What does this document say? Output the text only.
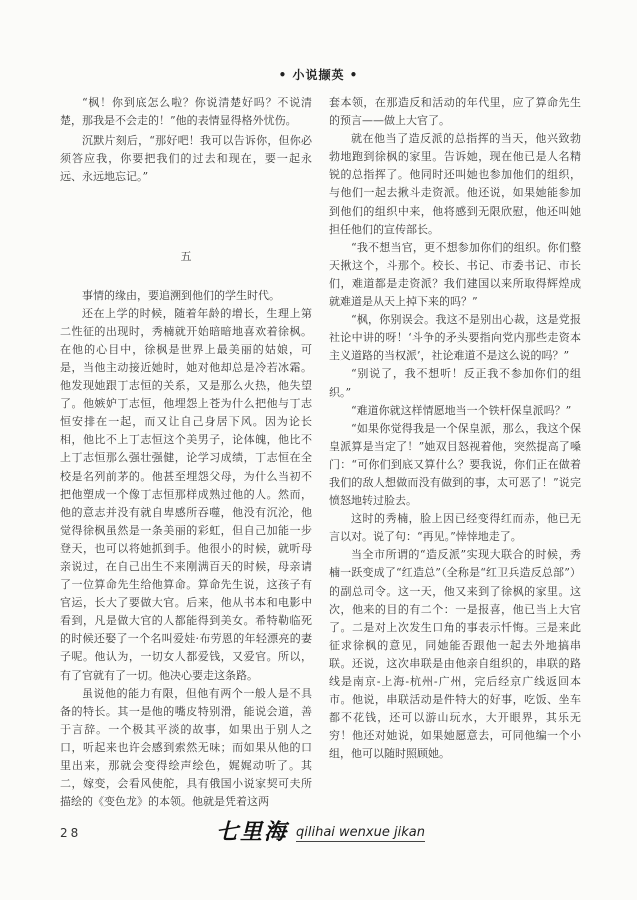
• 小说撷英 •

“枫！你到底怎么啦？你说清楚好吗？不说清楚，那我是不会走的！”他的表情显得格外忧伤。

沉默片刻后，“那好吧！我可以告诉你，但你必须答应我，你要把我们的过去和现在，要一起永远、永远地忘记。”

五

事情的缘由，要追溯到他们的学生时代。

还在上学的时候，随着年龄的增长，生理上第二性征的出现时，秀楠就开始暗暗地喜欢着徐枫。在他的心目中，徐枫是世界上最美丽的姑娘，可是，当他主动接近她时，她对他却总是冷若冰霜。他发现她跟丁志恒的关系，又是那么火热，他失望了。他嫉妒丁志恒，他埋怨上苍为什么把他与丁志恒安排在一起，而又让自己身居下风。因为论长相，他比不上丁志恒这个美男子，论体魄，他比不上丁志恒那么强壮强健，论学习成绩，丁志恒在全校是名列前茅的。他甚至埋怨父母，为什么当初不把他塑成一个像丁志恒那样成熟过他的人。然而，他的意志并没有就自卑感所吞噬，他没有沉沦，他觉得徐枫虽然是一条美丽的彩虹，但自己加能一步登天，也可以将她抓到手。他很小的时候，就听母亲说过，在自己出生不来刚满百天的时候，母亲请了一位算命先生给他算命。算命先生说，这孩子有官运，长大了要做大官。后来，他从书本和电影中看到，凡是做大官的人都能得到美女。希特勒临死的时候还娶了一个名叫爱娃·布劳恩的年轻漂亮的妻子呢。他认为，一切女人都爱钱，又爱官。所以，有了官就有了一切。他决心要走这条路。

虽说他的能力有限，但他有两个一般人是不具备的特长。其一是他的嘴皮特别滑，能说会道，善于言辞。一个极其平淡的故事，如果出于别人之口，听起来也许会感到索然无味；而如果从他的口里出来，那就会变得绘声绘色，娓娓动听了。其二，嫁变，会看风使舵，具有俄国小说家契可夫所描绘的《变色龙》的本领。他就是凭着这两

套本领，在那造反和活动的年代里，应了算命先生的预言——做上大官了。

就在他当了造反派的总指挥的当天，他兴致勃勃地跑到徐枫的家里。告诉她，现在他已是人名精锐的总指挥了。他同时还叫她也参加他们的组织，与他们一起去揪斗走资派。他还说，如果她能参加到他们的组织中来，他将感到无限欣慰，他还叫她担任他们的宣传部长。

“我不想当官，更不想参加你们的组织。你们整天揪这个，斗那个。校长、书记、市委书记、市长们，难道都是走资派？我们建国以来所取得辉煌成就难道是从天上掉下来的吗？”

“枫，你别误会。我这不是别出心裁，这是党报社论中讲的呀！‘斗争的矛头要指向党内那些走资本主义道路的当权派’，社论难道不是这么说的吗？”

“别说了，我不想听！反正我不参加你们的组织。”

“难道你就这样情愿地当一个铁杆保皇派吗？”

“如果你觉得我是一个保皇派，那么，我这个保皇派算是当定了！”她双目怒视着他，突然提高了嗓门：“可你们到底又算什么？要我说，你们正在做着我们的敌人想做而没有做到的事，太可恶了！”说完愤怒地转过脸去。

这时的秀楠，脸上因已经变得红而赤，他已无言以对。说了句：“再见。”悻悻地走了。

当全市所谓的“造反派”实现大联合的时候，秀楠一跃变成了“红造总”（全称是“红卫兵造反总部”）的副总司令。这一天，他又来到了徐枫的家里。这次，他来的目的有二个：一是报喜，他已当上大官了。二是对上次发生口角的事表示忏悔。三是来此征求徐枫的意见，同她能否跟他一起去外地搞串联。还说，这次串联是由他亲自组织的，串联的路线是南京-上海-杭州-广州，完后经京广线返回本市。他说，串联活动是件特大的好事，吃饭、坐车都不花钱，还可以游山玩水，大开眼界，其乐无穷！他还对她说，如果她愿意去，可同他编一个小组，他可以随时照顾她。

28	七里海 qilihai wenxue jikan
